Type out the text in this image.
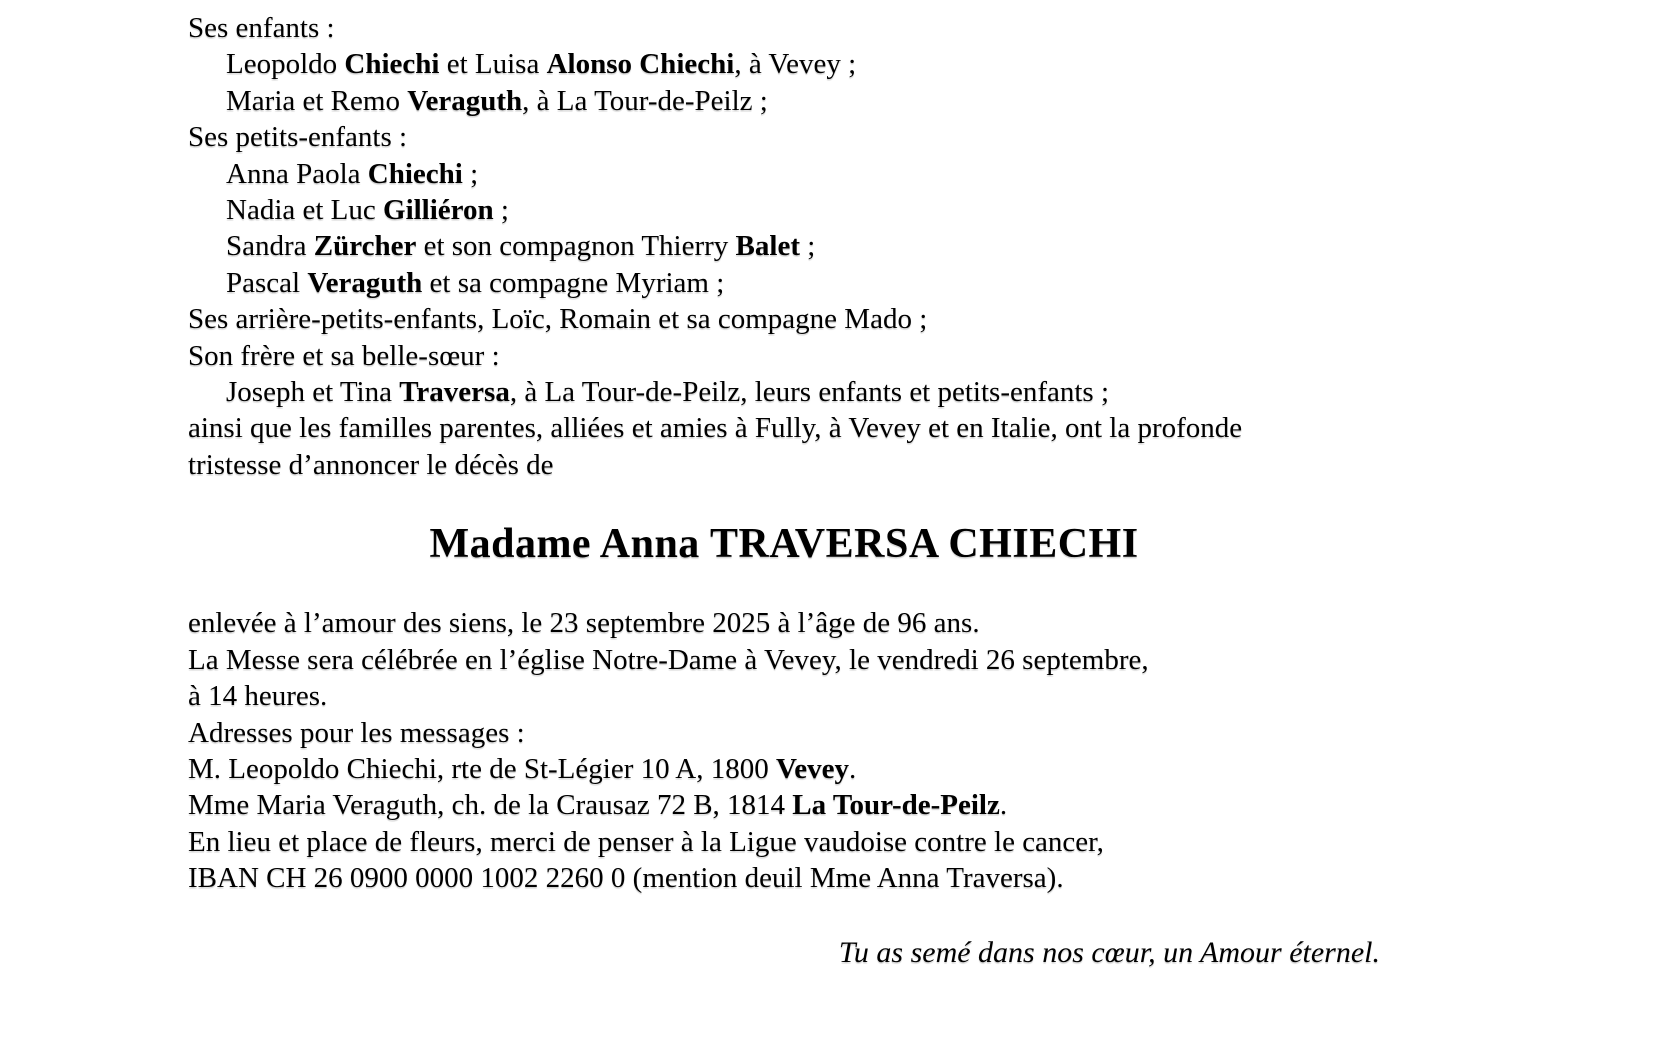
Ses enfants :
Leopoldo Chiechi et Luisa Alonso Chiechi, à Vevey ;
Maria et Remo Veraguth, à La Tour-de-Peilz ;
Ses petits-enfants :
Anna Paola Chiechi ;
Nadia et Luc Gilliéron ;
Sandra Zürcher et son compagnon Thierry Balet ;
Pascal Veraguth et sa compagne Myriam ;
Ses arrière-petits-enfants, Loïc, Romain et sa compagne Mado ;
Son frère et sa belle-sœur :
Joseph et Tina Traversa, à La Tour-de-Peilz, leurs enfants et petits-enfants ;
ainsi que les familles parentes, alliées et amies à Fully, à Vevey et en Italie, ont la profonde
tristesse d’annoncer le décès de
Madame Anna TRAVERSA CHIECHI
enlevée à l’amour des siens, le 23 septembre 2025 à l’âge de 96 ans.
La Messe sera célébrée en l’église Notre-Dame à Vevey, le vendredi 26 septembre,
à 14 heures.
Adresses pour les messages :
M. Leopoldo Chiechi, rte de St-Légier 10 A, 1800 Vevey.
Mme Maria Veraguth, ch. de la Crausaz 72 B, 1814 La Tour-de-Peilz.
En lieu et place de fleurs, merci de penser à la Ligue vaudoise contre le cancer,
IBAN CH 26 0900 0000 1002 2260 0 (mention deuil Mme Anna Traversa).
Tu as semé dans nos cœur, un Amour éternel.
